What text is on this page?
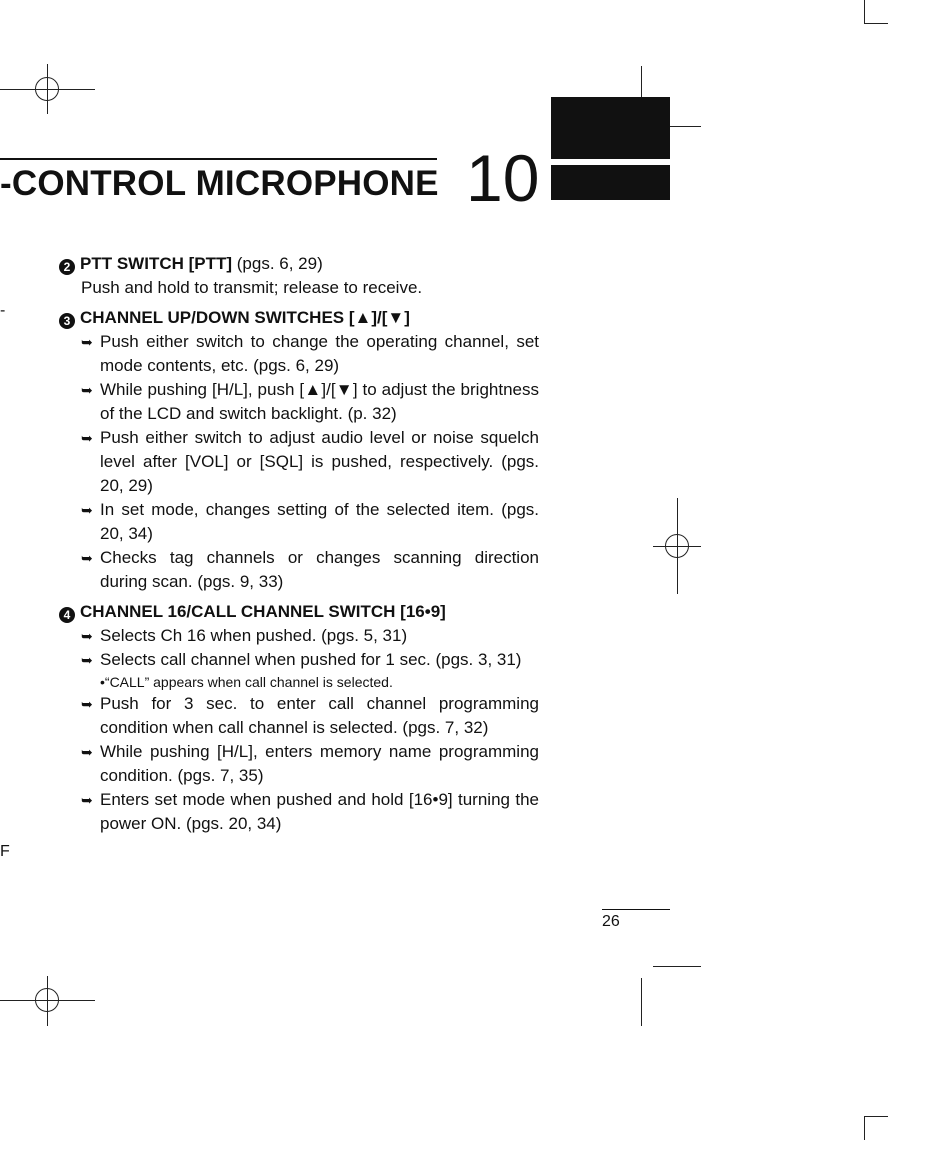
-CONTROL MICROPHONE 10
-
F
2 PTT SWITCH [PTT] (pgs. 6, 29)
Push and hold to transmit; release to receive.
3 CHANNEL UP/DOWN SWITCHES [▲]/[▼]
➥ Push either switch to change the operating channel, set mode contents, etc. (pgs. 6, 29)
➥ While pushing [H/L], push [▲]/[▼] to adjust the brightness of the LCD and switch backlight. (p. 32)
➥ Push either switch to adjust audio level or noise squelch level after [VOL] or [SQL] is pushed, respectively. (pgs. 20, 29)
➥ In set mode, changes setting of the selected item. (pgs. 20, 34)
➥ Checks tag channels or changes scanning direction during scan. (pgs. 9, 33)
4 CHANNEL 16/CALL CHANNEL SWITCH [16•9]
➥ Selects Ch 16 when pushed. (pgs. 5, 31)
➥ Selects call channel when pushed for 1 sec. (pgs. 3, 31)
•“CALL” appears when call channel is selected.
➥ Push for 3 sec. to enter call channel programming condition when call channel is selected. (pgs. 7, 32)
➥ While pushing [H/L], enters memory name programming condition. (pgs. 7, 35)
➥ Enters set mode when pushed and hold [16•9] turning the power ON. (pgs. 20, 34)
26
